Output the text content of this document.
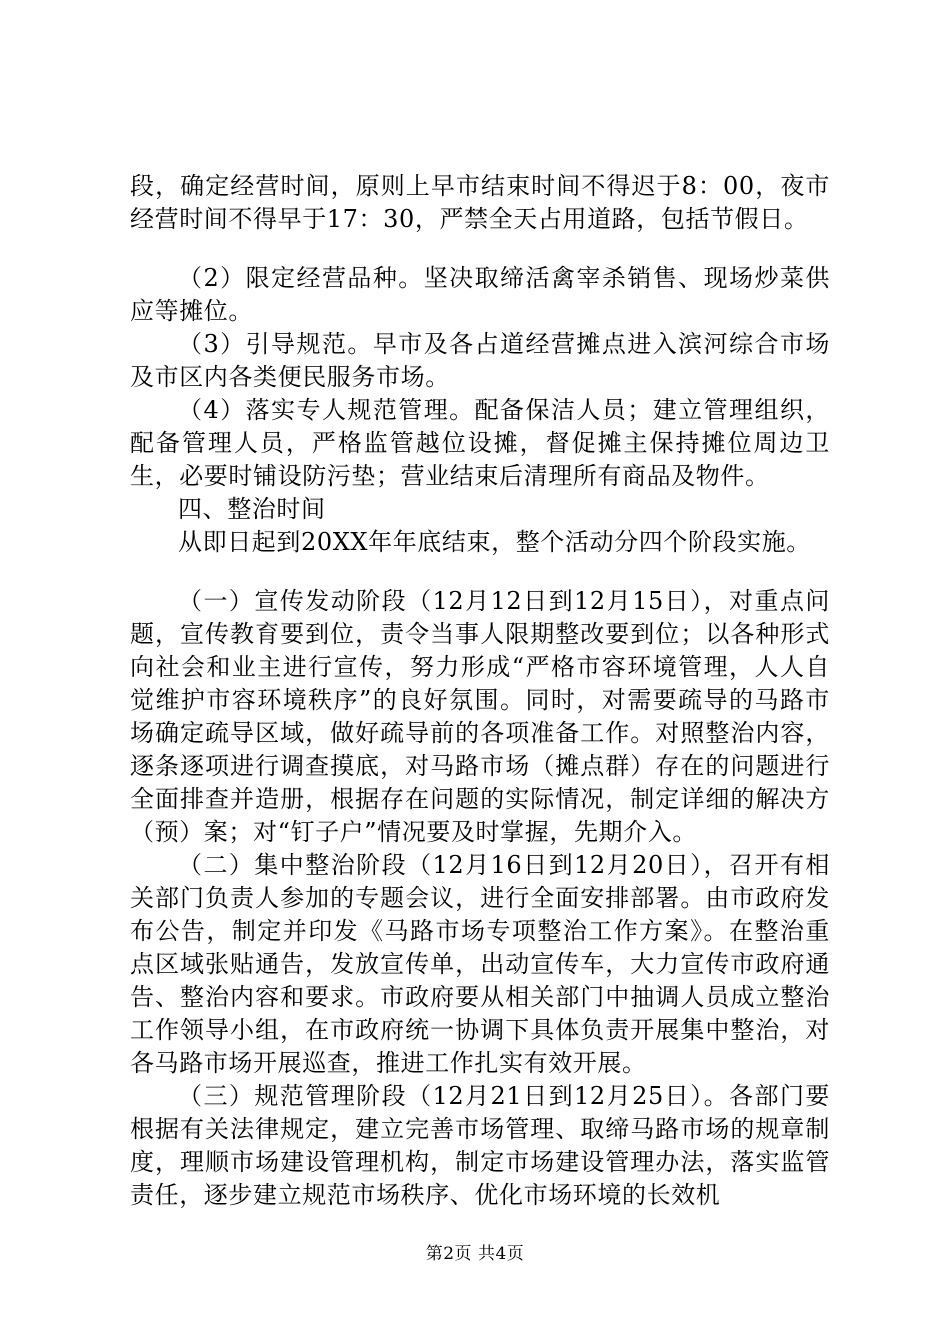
段，确定经营时间，原则上早市结束时间不得迟于8：00，夜市经营时间不得早于17：30，严禁全天占用道路，包括节假日。

（2）限定经营品种。坚决取缔活禽宰杀销售、现场炒菜供应等摊位。

（3）引导规范。早市及各占道经营摊点进入滨河综合市场及市区内各类便民服务市场。

（4）落实专人规范管理。配备保洁人员；建立管理组织，配备管理人员，严格监管越位设摊，督促摊主保持摊位周边卫生，必要时铺设防污垫；营业结束后清理所有商品及物件。

四、整治时间

从即日起到20XX年年底结束，整个活动分四个阶段实施。

（一）宣传发动阶段（12月12日到12月15日），对重点问题，宣传教育要到位，责令当事人限期整改要到位；以各种形式向社会和业主进行宣传，努力形成“严格市容环境管理，人人自觉维护市容环境秩序”的良好氛围。同时，对需要疏导的马路市场确定疏导区域，做好疏导前的各项准备工作。对照整治内容，逐条逐项进行调查摸底，对马路市场（摊点群）存在的问题进行全面排查并造册，根据存在问题的实际情况，制定详细的解决方（预）案；对“钉子户”情况要及时掌握，先期介入。

（二）集中整治阶段（12月16日到12月20日），召开有相关部门负责人参加的专题会议，进行全面安排部署。由市政府发布公告，制定并印发《马路市场专项整治工作方案》。在整治重点区域张贴通告，发放宣传单，出动宣传车，大力宣传市政府通告、整治内容和要求。市政府要从相关部门中抽调人员成立整治工作领导小组，在市政府统一协调下具体负责开展集中整治，对各马路市场开展巡查，推进工作扎实有效开展。

（三）规范管理阶段（12月21日到12月25日）。各部门要根据有关法律规定，建立完善市场管理、取缔马路市场的规章制度，理顺市场建设管理机构，制定市场建设管理办法，落实监管责任，逐步建立规范市场秩序、优化市场环境的长效机

第2页 共4页
